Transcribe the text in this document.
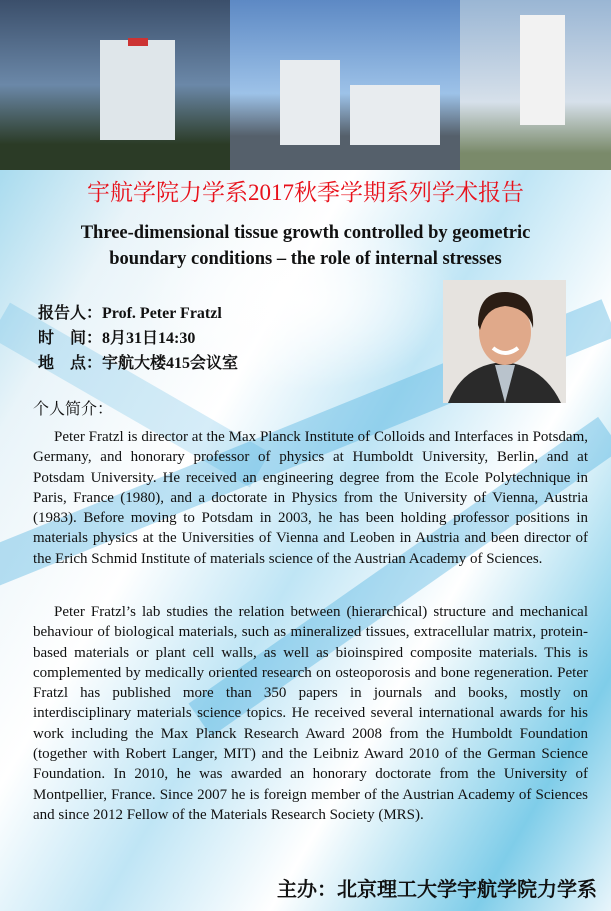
宇航学院力学系2017秋季学期系列学术报告
Three-dimensional tissue growth controlled by geometric
boundary conditions – the role of internal stresses
报告人：Prof. Peter Fratzl
时　间：8月31日14:30
地　点：宇航大楼415会议室
个人简介：
Peter Fratzl is director at the Max Planck Institute of Colloids and Interfaces in Potsdam, Germany, and honorary professor of physics at Humboldt University, Berlin, and at Potsdam University. He received an engineering degree from the Ecole Polytechnique in Paris, France (1980), and a doctorate in Physics from the University of Vienna, Austria (1983). Before moving to Potsdam in 2003, he has been holding professor positions in materials physics at the Universities of Vienna and Leoben in Austria and been director of the Erich Schmid Institute of materials science of the Austrian Academy of Sciences.
Peter Fratzl’s lab studies the relation between (hierarchical) structure and mechanical behaviour of biological materials, such as mineralized tissues, extracellular matrix, protein-based materials or plant cell walls, as well as bioinspired composite materials. This is complemented by medically oriented research on osteoporosis and bone regeneration. Peter Fratzl has published more than 350 papers in journals and books, mostly on interdisciplinary materials science topics. He received several international awards for his work including the Max Planck Research Award 2008 from the Humboldt Foundation (together with Robert Langer, MIT) and the Leibniz Award 2010 of the German Science Foundation. In 2010, he was awarded an honorary doctorate from the University of Montpellier, France. Since 2007 he is foreign member of the Austrian Academy of Sciences and since 2012 Fellow of the Materials Research Society (MRS).
主办：北京理工大学宇航学院力学系
